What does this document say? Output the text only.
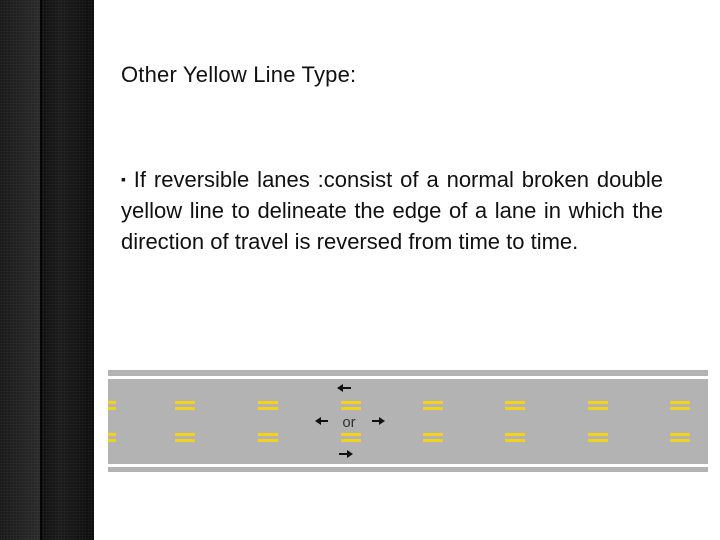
Other Yellow Line Type:
▪ If reversible lanes :consist of a normal broken double yellow line to delineate the edge of a lane in which the direction of travel is reversed from time to time.
or
